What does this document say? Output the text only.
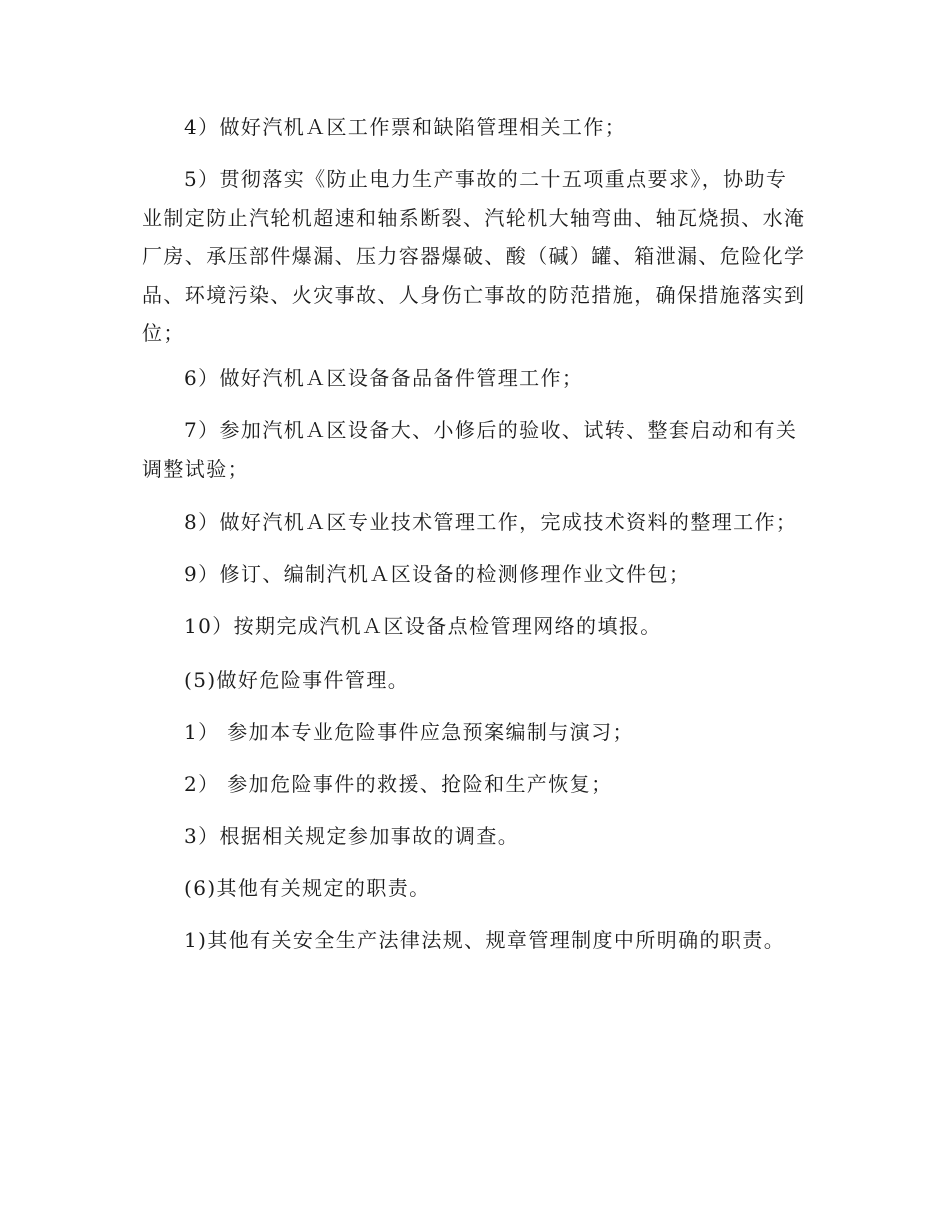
4）做好汽机Ａ区工作票和缺陷管理相关工作；

5）贯彻落实《防止电力生产事故的二十五项重点要求》，协助专业制定防止汽轮机超速和轴系断裂、汽轮机大轴弯曲、轴瓦烧损、水淹厂房、承压部件爆漏、压力容器爆破、酸（碱）罐、箱泄漏、危险化学品、环境污染、火灾事故、人身伤亡事故的防范措施，确保措施落实到位；

6）做好汽机Ａ区设备备品备件管理工作；

7）参加汽机Ａ区设备大、小修后的验收、试转、整套启动和有关调整试验；

8）做好汽机Ａ区专业技术管理工作，完成技术资料的整理工作；

9）修订、编制汽机Ａ区设备的检测修理作业文件包；

10）按期完成汽机Ａ区设备点检管理网络的填报。

(5)做好危险事件管理。

1） 参加本专业危险事件应急预案编制与演习；

2） 参加危险事件的救援、抢险和生产恢复；

3）根据相关规定参加事故的调查。

(6)其他有关规定的职责。

1)其他有关安全生产法律法规、规章管理制度中所明确的职责。
